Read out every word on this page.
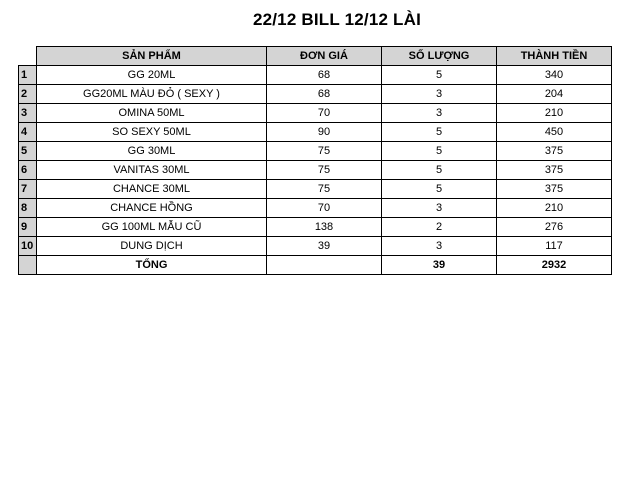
22/12 BILL 12/12 LÀI
	SẢN PHẨM	ĐƠN GIÁ	SỐ LƯỢNG	THÀNH TIỀN
1	GG 20ML	68	5	340
2	GG20ML MÀU ĐỎ ( SEXY )	68	3	204
3	OMINA 50ML	70	3	210
4	SO SEXY 50ML	90	5	450
5	GG 30ML	75	5	375
6	VANITAS 30ML	75	5	375
7	CHANCE 30ML	75	5	375
8	CHANCE HỒNG	70	3	210
9	GG 100ML MẪU CŨ	138	2	276
10	DUNG DỊCH	39	3	117
	TỔNG		39	2932
